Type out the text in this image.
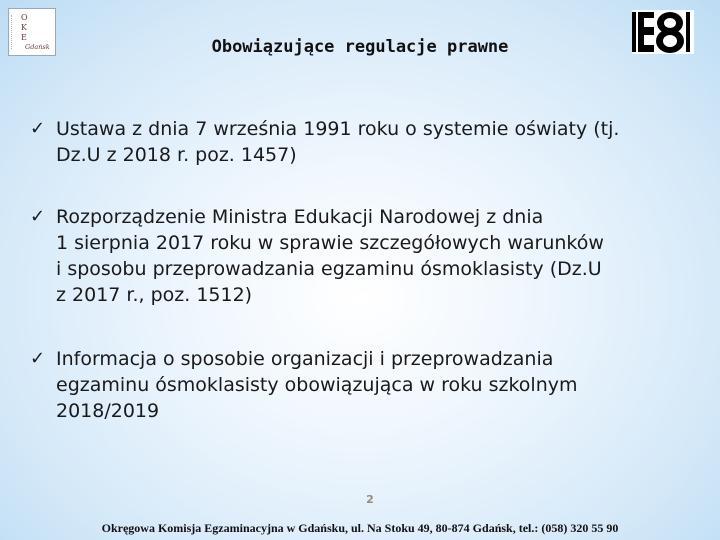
O
K
E
Gdańsk	Obowiązujące regulacje prawne
✓ Ustawa z dnia 7 września 1991 roku o systemie oświaty (tj.
Dz.U z 2018 r. poz. 1457)
✓ Rozporządzenie Ministra Edukacji Narodowej z dnia
1 sierpnia 2017 roku w sprawie szczegółowych warunków
i sposobu przeprowadzania egzaminu ósmoklasisty (Dz.U
z 2017 r., poz. 1512)
✓ Informacja o sposobie organizacji i przeprowadzania
egzaminu ósmoklasisty obowiązująca w roku szkolnym
2018/2019
2
Okręgowa Komisja Egzaminacyjna w Gdańsku, ul. Na Stoku 49, 80-874 Gdańsk, tel.: (058) 320 55 90
